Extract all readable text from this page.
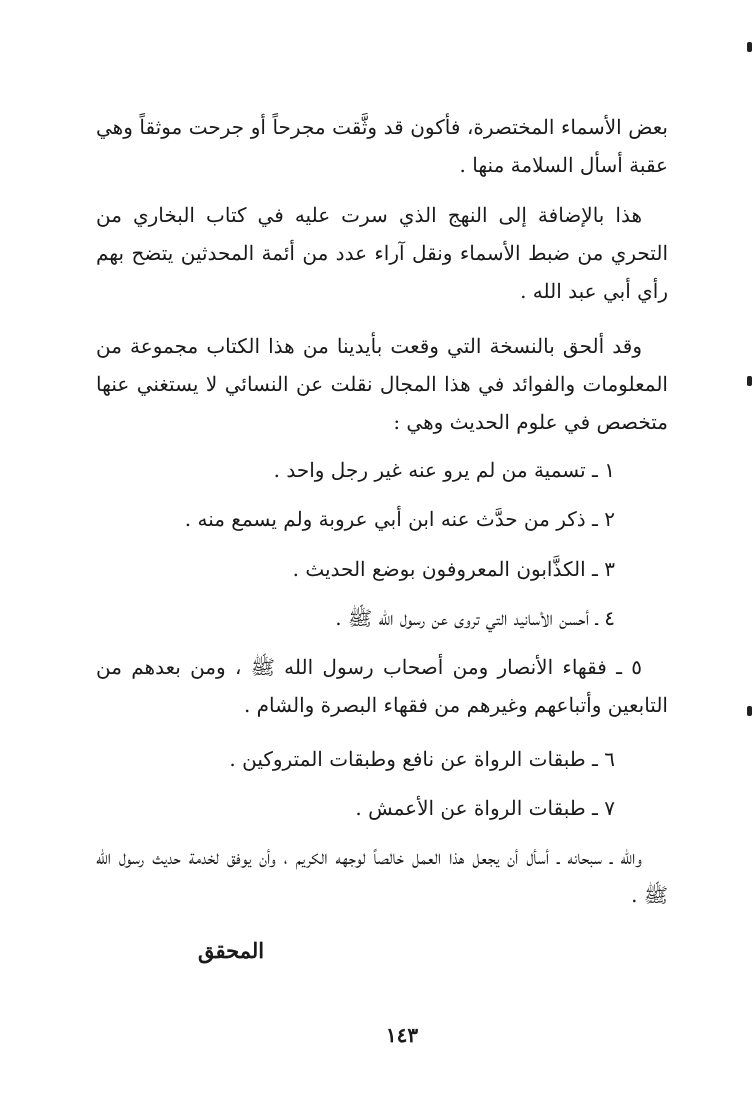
بعض الأسماء المختصرة، فأكون قد وثَّقت مجرحاً أو جرحت موثقاً وهي عقبة أسأل السلامة منها .

هذا بالإضافة إلى النهج الذي سرت عليه في كتاب البخاري من التحري من ضبط الأسماء ونقل آراء عدد من أئمة المحدثين يتضح بهم رأي أبي عبد الله .

وقد ألحق بالنسخة التي وقعت بأيدينا من هذا الكتاب مجموعة من المعلومات والفوائد في هذا المجال نقلت عن النسائي لا يستغني عنها متخصص في علوم الحديث وهي :

١ ـ تسمية من لم يرو عنه غير رجل واحد .
٢ ـ ذكر من حدَّث عنه ابن أبي عروبة ولم يسمع منه .
٣ ـ الكذَّابون المعروفون بوضع الحديث .
٤ ـ أحسن الأسانيد التي تروى عن رسول الله ﷺ .

٥ ـ فقهاء الأنصار ومن أصحاب رسول الله ﷺ ، ومن بعدهم من التابعين وأتباعهم وغيرهم من فقهاء البصرة والشام .

٦ ـ طبقات الرواة عن نافع وطبقات المتروكين .
٧ ـ طبقات الرواة عن الأعمش .

والله ـ سبحانه ـ أسأل أن يجعل هذا العمل خالصاً لوجهه الكريم ، وأن يوفق لخدمة حديث رسول الله ﷺ .

المحقق
١٤٣
